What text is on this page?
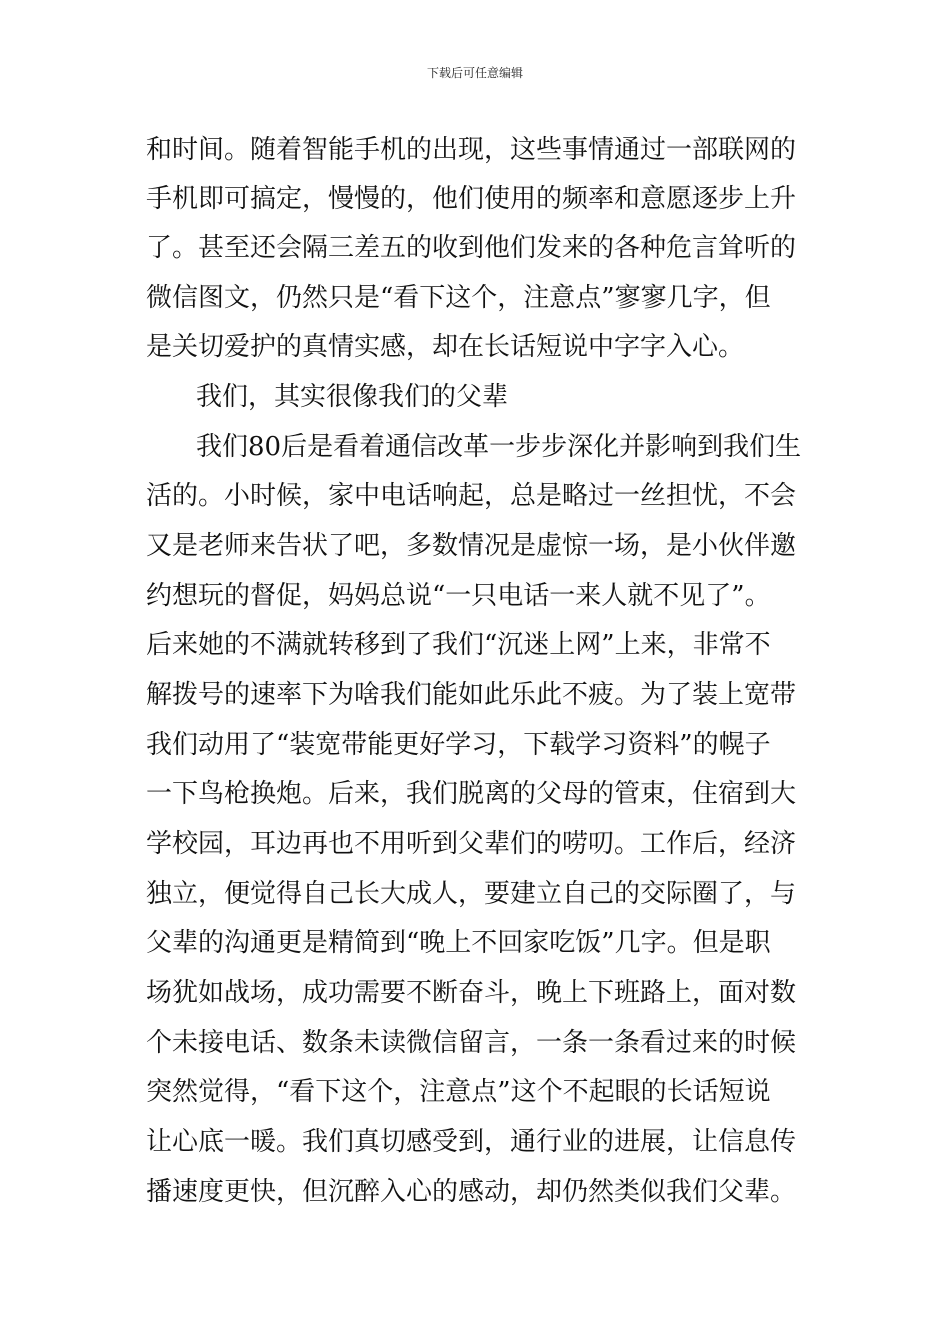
下载后可任意编辑
和时间。随着智能手机的出现，这些事情通过一部联网的
手机即可搞定，慢慢的，他们使用的频率和意愿逐步上升
了。甚至还会隔三差五的收到他们发来的各种危言耸听的
微信图文，仍然只是“看下这个，注意点”寥寥几字，但
是关切爱护的真情实感，却在长话短说中字字入心。
我们，其实很像我们的父辈
我们80后是看着通信改革一步步深化并影响到我们生
活的。小时候，家中电话响起，总是略过一丝担忧，不会
又是老师来告状了吧，多数情况是虚惊一场，是小伙伴邀
约想玩的督促，妈妈总说“一只电话一来人就不见了”。
后来她的不满就转移到了我们“沉迷上网”上来，非常不
解拨号的速率下为啥我们能如此乐此不疲。为了装上宽带
我们动用了“装宽带能更好学习，下载学习资料”的幌子
一下鸟枪换炮。后来，我们脱离的父母的管束，住宿到大
学校园，耳边再也不用听到父辈们的唠叨。工作后，经济
独立，便觉得自己长大成人，要建立自己的交际圈了，与
父辈的沟通更是精简到“晚上不回家吃饭”几字。但是职
场犹如战场，成功需要不断奋斗，晚上下班路上，面对数
个未接电话、数条未读微信留言，一条一条看过来的时候
突然觉得，“看下这个，注意点”这个不起眼的长话短说
让心底一暖。我们真切感受到，通行业的进展，让信息传
播速度更快，但沉醉入心的感动，却仍然类似我们父辈。
